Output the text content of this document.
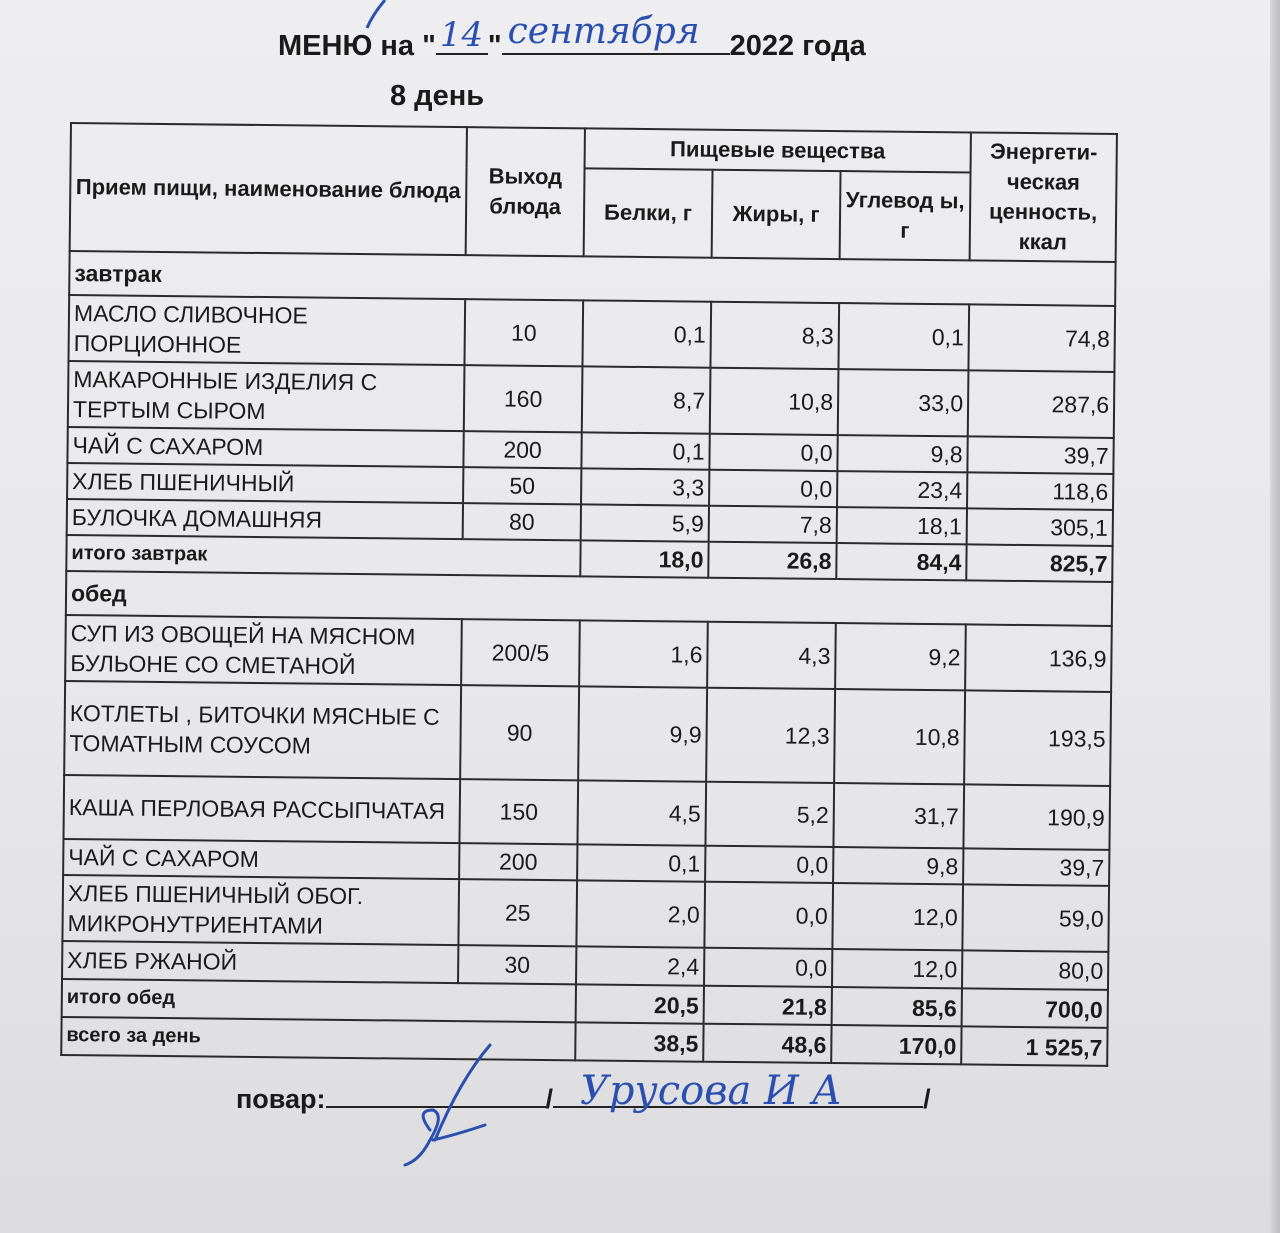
МЕНЮ на " 14 " сентября 2022 года
8 день
Прием пищи, наименование блюда	Выход блюда	Пищевые вещества			Энергети-ческая ценность, ккал
		Белки, г	Жиры, г	Углевод ы, г	
завтрак					
МАСЛО СЛИВОЧНОЕ ПОРЦИОННОЕ	10	0,1	8,3	0,1	74,8
МАКАРОННЫЕ ИЗДЕЛИЯ С ТЕРТЫМ СЫРОМ	160	8,7	10,8	33,0	287,6
ЧАЙ С САХАРОМ	200	0,1	0,0	9,8	39,7
ХЛЕБ ПШЕНИЧНЫЙ	50	3,3	0,0	23,4	118,6
БУЛОЧКА ДОМАШНЯЯ	80	5,9	7,8	18,1	305,1
итого завтрак		18,0	26,8	84,4	825,7
обед					
СУП ИЗ ОВОЩЕЙ НА МЯСНОМ БУЛЬОНЕ СО СМЕТАНОЙ	200/5	1,6	4,3	9,2	136,9
КОТЛЕТЫ , БИТОЧКИ МЯСНЫЕ С ТОМАТНЫМ СОУСОМ	90	9,9	12,3	10,8	193,5
КАША ПЕРЛОВАЯ РАССЫПЧАТАЯ	150	4,5	5,2	31,7	190,9
ЧАЙ С САХАРОМ	200	0,1	0,0	9,8	39,7
ХЛЕБ ПШЕНИЧНЫЙ ОБОГ. МИКРОНУТРИЕНТАМИ	25	2,0	0,0	12,0	59,0
ХЛЕБ РЖАНОЙ	30	2,4	0,0	12,0	80,0
итого обед		20,5	21,8	85,6	700,0
всего за день		38,5	48,6	170,0	1 525,7
повар:	/	/
Урусова И А
